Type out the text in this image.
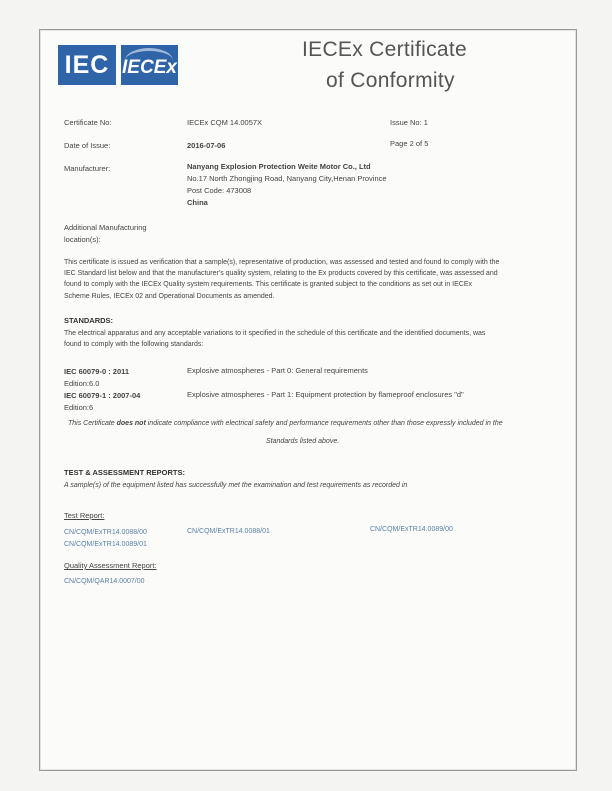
IEC IECEx
IECEx Certificate
of Conformity
Certificate No:	IECEx CQM 14.0057X	Issue No: 1
Date of Issue:	2016-07-06	Page 2 of 5
Manufacturer:	Nanyang Explosion Protection Weite Motor Co., Ltd
No.17 North Zhongjing Road, Nanyang City,Henan Province
Post Code: 473008
China
Additional Manufacturing
location(s):
This certificate is issued as verification that a sample(s), representative of production, was assessed and tested and found to comply with the
IEC Standard list below and that the manufacturer's quality system, relating to the Ex products covered by this certificate, was assessed and
found to comply with the IECEx Quality system requirements. This certificate is granted subject to the conditions as set out in IECEx
Scheme Rules, IECEx 02 and Operational Documents as amended.
STANDARDS:
The electrical apparatus and any acceptable variations to it specified in the schedule of this certificate and the identified documents, was
found to comply with the following standards:
IEC 60079-0 : 2011
Edition:6.0
Explosive atmospheres - Part 0: General requirements
IEC 60079-1 : 2007-04
Edition:6
Explosive atmospheres - Part 1: Equipment protection by flameproof enclosures "d"
This Certificate does not indicate compliance with electrical safety and performance requirements other than those expressly included in the
Standards listed above.
TEST & ASSESSMENT REPORTS:
A sample(s) of the equipment listed has successfully met the examination and test requirements as recorded in
Test Report:
CN/CQM/ExTR14.0088/00	CN/CQM/ExTR14.0088/01	CN/CQM/ExTR14.0089/00
CN/CQM/ExTR14.0089/01
Quality Assessment Report:
CN/CQM/QAR14.0007/00
